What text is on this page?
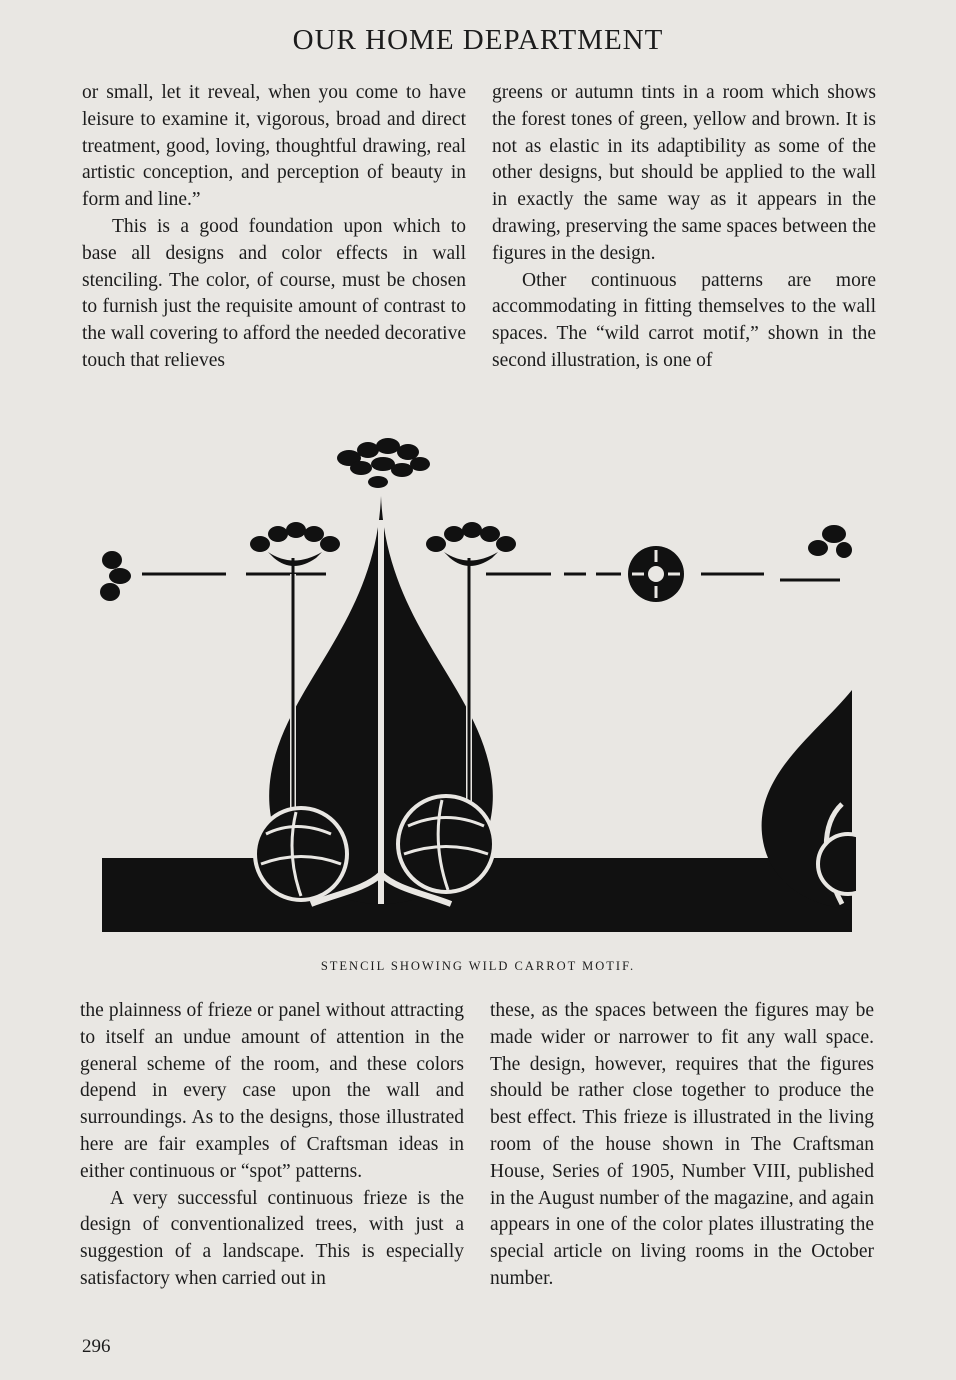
OUR HOME DEPARTMENT

or small, let it reveal, when you come to have leisure to examine it, vigorous, broad and direct treatment, good, loving, thoughtful drawing, real artistic conception, and perception of beauty in form and line.”

This is a good foundation upon which to base all designs and color effects in wall stenciling. The color, of course, must be chosen to furnish just the requisite amount of contrast to the wall covering to afford the needed decorative touch that relieves

greens or autumn tints in a room which shows the forest tones of green, yellow and brown. It is not as elastic in its adaptibility as some of the other designs, but should be applied to the wall in exactly the same way as it appears in the drawing, preserving the same spaces between the figures in the design.

Other continuous patterns are more accommodating in fitting themselves to the wall spaces. The “wild carrot motif,” shown in the second illustration, is one of

STENCIL SHOWING WILD CARROT MOTIF.

the plainness of frieze or panel without attracting to itself an undue amount of attention in the general scheme of the room, and these colors depend in every case upon the wall and surroundings. As to the designs, those illustrated here are fair examples of Craftsman ideas in either continuous or “spot” patterns.

A very successful continuous frieze is the design of conventionalized trees, with just a suggestion of a landscape. This is especially satisfactory when carried out in

these, as the spaces between the figures may be made wider or narrower to fit any wall space. The design, however, requires that the figures should be rather close together to produce the best effect. This frieze is illustrated in the living room of the house shown in The Craftsman House, Series of 1905, Number VIII, published in the August number of the magazine, and again appears in one of the color plates illustrating the special article on living rooms in the October number.

296
